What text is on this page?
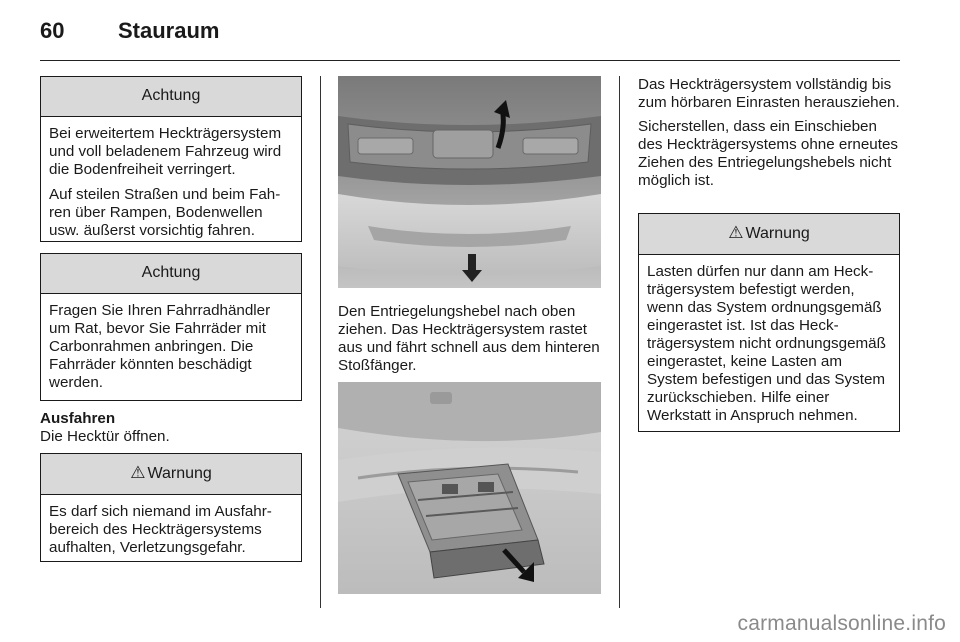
60 Stauraum
Achtung

Bei erweitertem Heckträgersystem und voll beladenem Fahrzeug wird die Bodenfreiheit verringert.

Auf steilen Straßen und beim Fahren über Rampen, Bodenwellen usw. äußerst vorsichtig fahren.

Achtung

Fragen Sie Ihren Fahrradhändler um Rat, bevor Sie Fahrräder mit Carbonrahmen anbringen. Die Fahrräder könnten beschädigt werden.

Ausfahren
Die Hecktür öffnen.
⚠ Warnung

Es darf sich niemand im Ausfahrbereich des Heckträgersystems aufhalten, Verletzungsgefahr.

Den Entriegelungshebel nach oben ziehen. Das Heckträgersystem rastet aus und fährt schnell aus dem hinteren Stoßfänger.

Das Heckträgersystem vollständig bis zum hörbaren Einrasten herausziehen.

Sicherstellen, dass ein Einschieben des Heckträgersystems ohne erneutes Ziehen des Entriegelungshebels nicht möglich ist.

⚠ Warnung

Lasten dürfen nur dann am Heckträgersystem befestigt werden, wenn das System ordnungsgemäß eingerastet ist. Ist das Heckträgersystem nicht ordnungsgemäß eingerastet, keine Lasten am System befestigen und das System zurückschieben. Hilfe einer Werkstatt in Anspruch nehmen.

carmanualsonline.info
